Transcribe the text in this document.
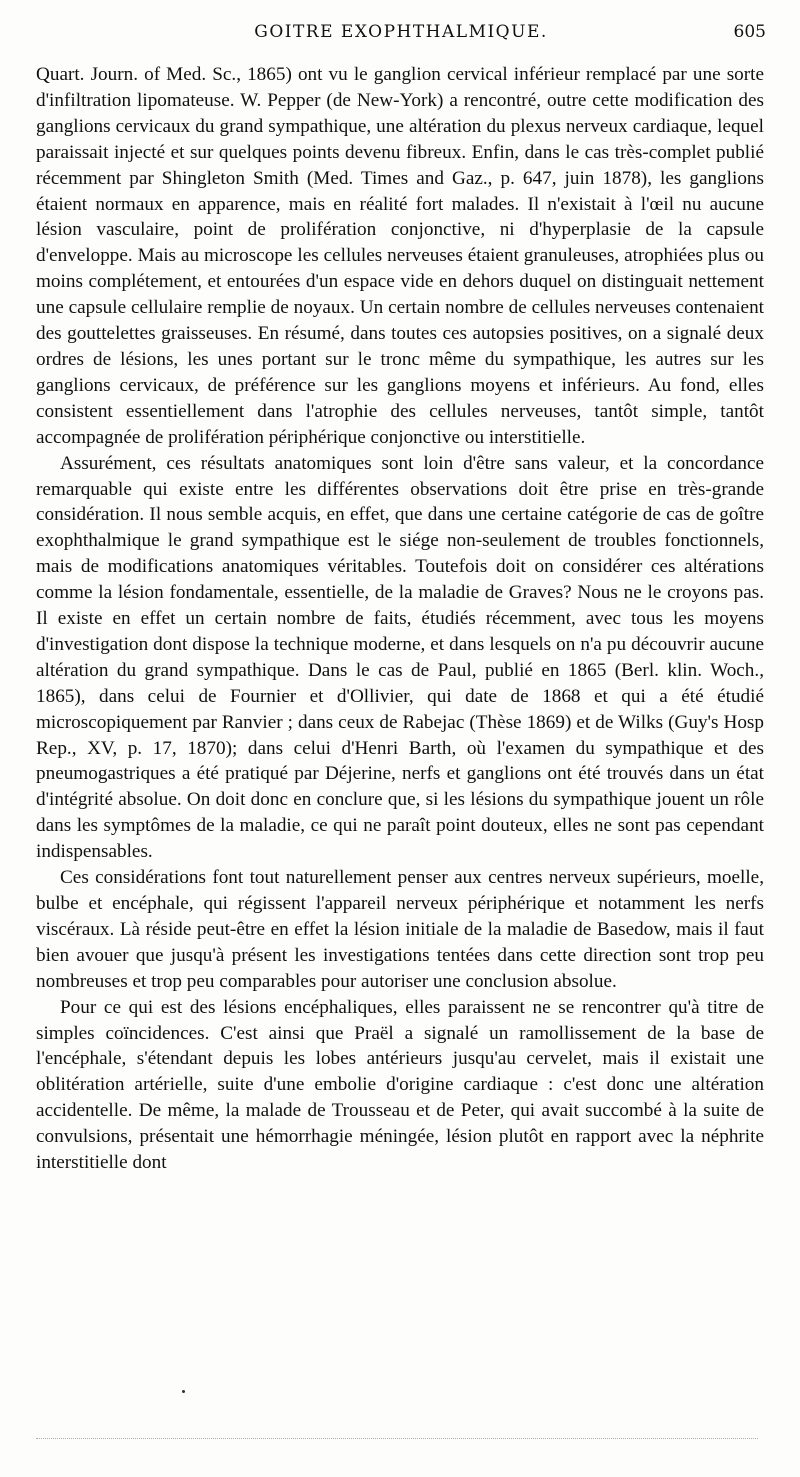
GOITRE EXOPHTHALMIQUE.	605

Quart. Journ. of Med. Sc., 1865) ont vu le ganglion cervical inférieur remplacé par une sorte d'infiltration lipomateuse. W. Pepper (de New-York) a rencontré, outre cette modification des ganglions cervicaux du grand sympathique, une altération du plexus nerveux cardiaque, lequel paraissait injecté et sur quelques points devenu fibreux. Enfin, dans le cas très-complet publié récemment par Shingleton Smith (Med. Times and Gaz., p. 647, juin 1878), les ganglions étaient normaux en apparence, mais en réalité fort malades. Il n'existait à l'œil nu aucune lésion vasculaire, point de prolifération conjonctive, ni d'hyperplasie de la capsule d'enveloppe. Mais au microscope les cellules nerveuses étaient granuleuses, atrophiées plus ou moins complétement, et entourées d'un espace vide en dehors duquel on distinguait nettement une capsule cellulaire remplie de noyaux. Un certain nombre de cellules nerveuses contenaient des gouttelettes graisseuses. En résumé, dans toutes ces autopsies positives, on a signalé deux ordres de lésions, les unes portant sur le tronc même du sympathique, les autres sur les ganglions cervicaux, de préférence sur les ganglions moyens et inférieurs. Au fond, elles consistent essentiellement dans l'atrophie des cellules nerveuses, tantôt simple, tantôt accompagnée de prolifération périphérique conjonctive ou interstitielle.

Assurément, ces résultats anatomiques sont loin d'être sans valeur, et la concordance remarquable qui existe entre les différentes observations doit être prise en très-grande considération. Il nous semble acquis, en effet, que dans une certaine catégorie de cas de goître exophthalmique le grand sympathique est le siége non-seulement de troubles fonctionnels, mais de modifications anatomiques véritables. Toutefois doit on considérer ces altérations comme la lésion fondamentale, essentielle, de la maladie de Graves? Nous ne le croyons pas. Il existe en effet un certain nombre de faits, étudiés récemment, avec tous les moyens d'investigation dont dispose la technique moderne, et dans lesquels on n'a pu découvrir aucune altération du grand sympathique. Dans le cas de Paul, publié en 1865 (Berl. klin. Woch., 1865), dans celui de Fournier et d'Ollivier, qui date de 1868 et qui a été étudié microscopiquement par Ranvier ; dans ceux de Rabejac (Thèse 1869) et de Wilks (Guy's Hosp Rep., XV, p. 17, 1870); dans celui d'Henri Barth, où l'examen du sympathique et des pneumogastriques a été pratiqué par Déjerine, nerfs et ganglions ont été trouvés dans un état d'intégrité absolue. On doit donc en conclure que, si les lésions du sympathique jouent un rôle dans les symptômes de la maladie, ce qui ne paraît point douteux, elles ne sont pas cependant indispensables.

Ces considérations font tout naturellement penser aux centres nerveux supérieurs, moelle, bulbe et encéphale, qui régissent l'appareil nerveux périphérique et notamment les nerfs viscéraux. Là réside peut-être en effet la lésion initiale de la maladie de Basedow, mais il faut bien avouer que jusqu'à présent les investigations tentées dans cette direction sont trop peu nombreuses et trop peu comparables pour autoriser une conclusion absolue.

Pour ce qui est des lésions encéphaliques, elles paraissent ne se rencontrer qu'à titre de simples coïncidences. C'est ainsi que Praël a signalé un ramollissement de la base de l'encéphale, s'étendant depuis les lobes antérieurs jusqu'au cervelet, mais il existait une oblitération artérielle, suite d'une embolie d'origine cardiaque : c'est donc une altération accidentelle. De même, la malade de Trousseau et de Peter, qui avait succombé à la suite de convulsions, présentait une hémorrhagie méningée, lésion plutôt en rapport avec la néphrite interstitielle dont
